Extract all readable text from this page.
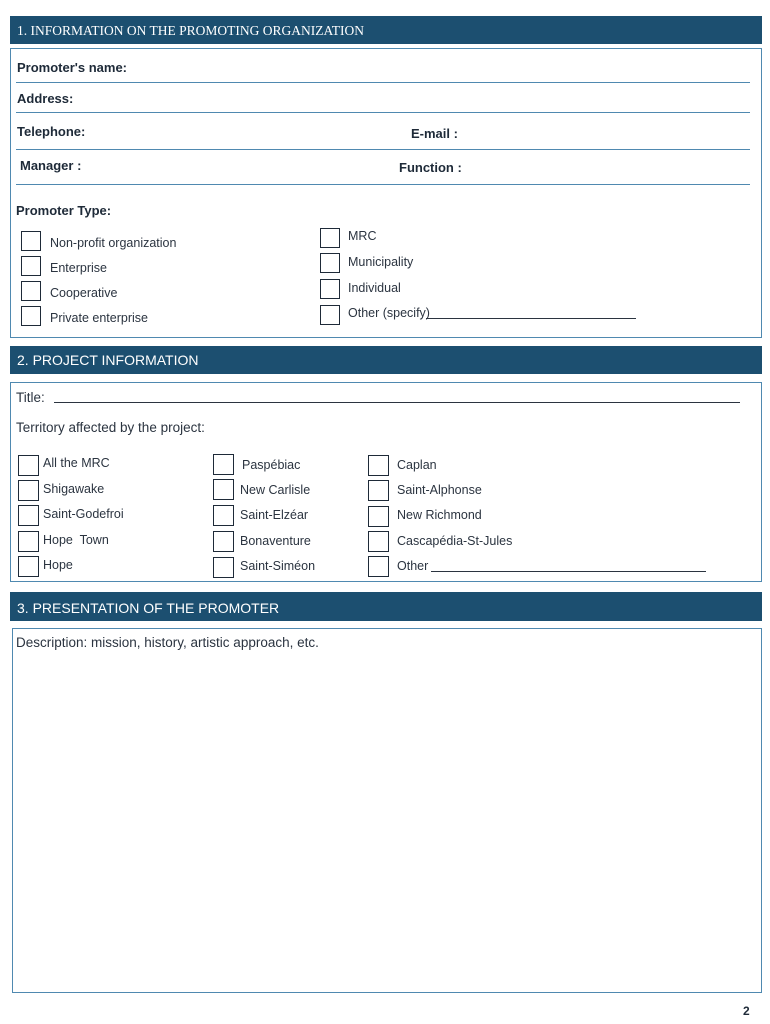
1. INFORMATION ON THE PROMOTING ORGANIZATION
Promoter's name:
Address:
Telephone:	E-mail :
Manager :	Function :
Promoter Type:
Non-profit organization
Enterprise
Cooperative
Private enterprise
MRC
Municipality
Individual
Other (specify)
2. PROJECT INFORMATION
Title:
Territory affected by the project:
All the MRC
Shigawake
Saint-Godefroi
Hope  Town
Hope
Paspébiac
New Carlisle
Saint-Elzéar
Bonaventure
Saint-Siméon
Caplan
Saint-Alphonse
New Richmond
Cascapédia-St-Jules
Other
3. PRESENTATION OF THE PROMOTER
Description: mission, history, artistic approach, etc.
2
